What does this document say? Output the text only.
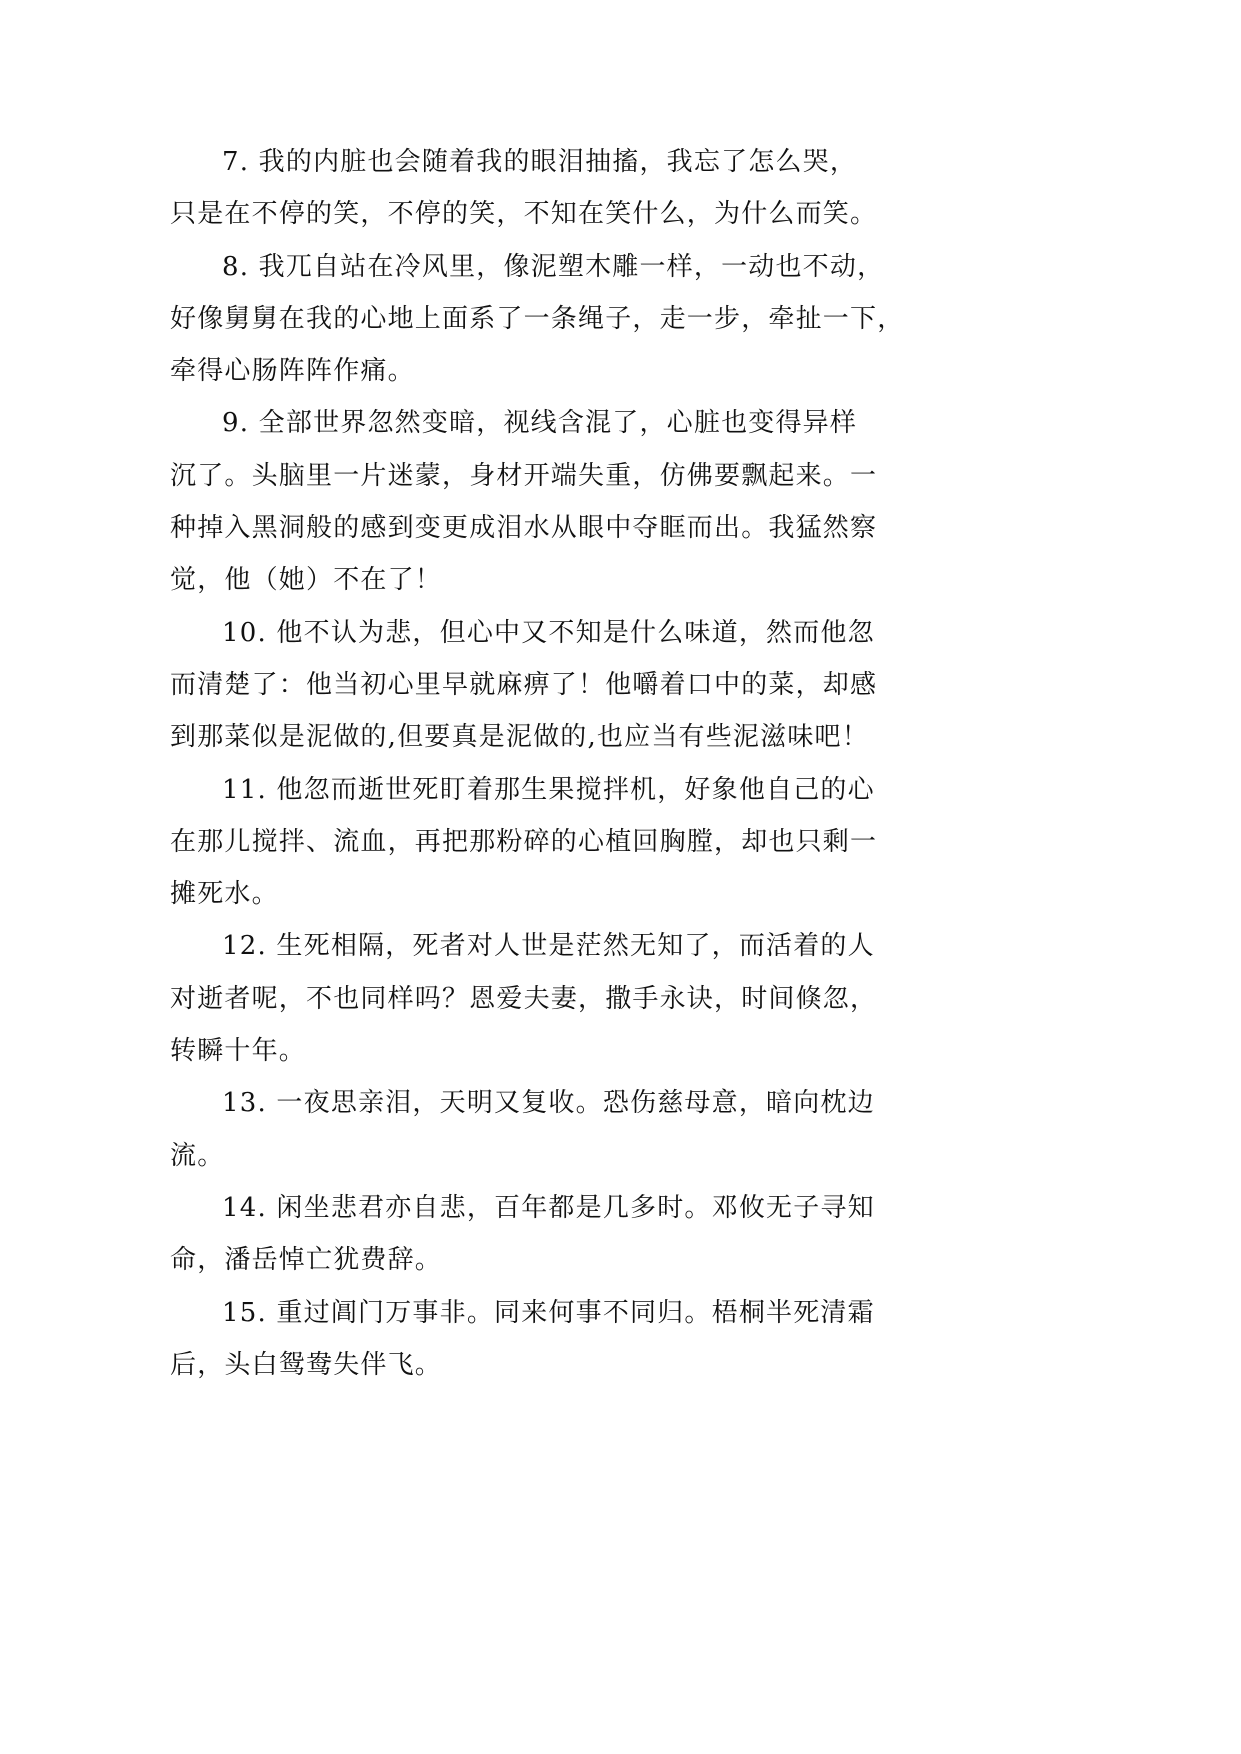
7. 我的内脏也会随着我的眼泪抽搐，我忘了怎么哭，
只是在不停的笑，不停的笑，不知在笑什么，为什么而笑。

8. 我兀自站在冷风里，像泥塑木雕一样，一动也不动，
好像舅舅在我的心地上面系了一条绳子，走一步，牵扯一下，
牵得心肠阵阵作痛。

9. 全部世界忽然变暗，视线含混了，心脏也变得异样
沉了。头脑里一片迷蒙，身材开端失重，仿佛要飘起来。一
种掉入黑洞般的感到变更成泪水从眼中夺眶而出。我猛然察
觉，他（她）不在了！

10. 他不认为悲，但心中又不知是什么味道，然而他忽
而清楚了：他当初心里早就麻痹了！他嚼着口中的菜，却感
到那菜似是泥做的,但要真是泥做的,也应当有些泥滋味吧！

11. 他忽而逝世死盯着那生果搅拌机，好象他自己的心
在那儿搅拌、流血，再把那粉碎的心植回胸膛，却也只剩一
摊死水。

12. 生死相隔，死者对人世是茫然无知了，而活着的人
对逝者呢，不也同样吗？恩爱夫妻，撒手永诀，时间倏忽，
转瞬十年。

13. 一夜思亲泪，天明又复收。恐伤慈母意，暗向枕边
流。

14. 闲坐悲君亦自悲，百年都是几多时。邓攸无子寻知
命，潘岳悼亡犹费辞。

15. 重过阊门万事非。同来何事不同归。梧桐半死清霜
后，头白鸳鸯失伴飞。
